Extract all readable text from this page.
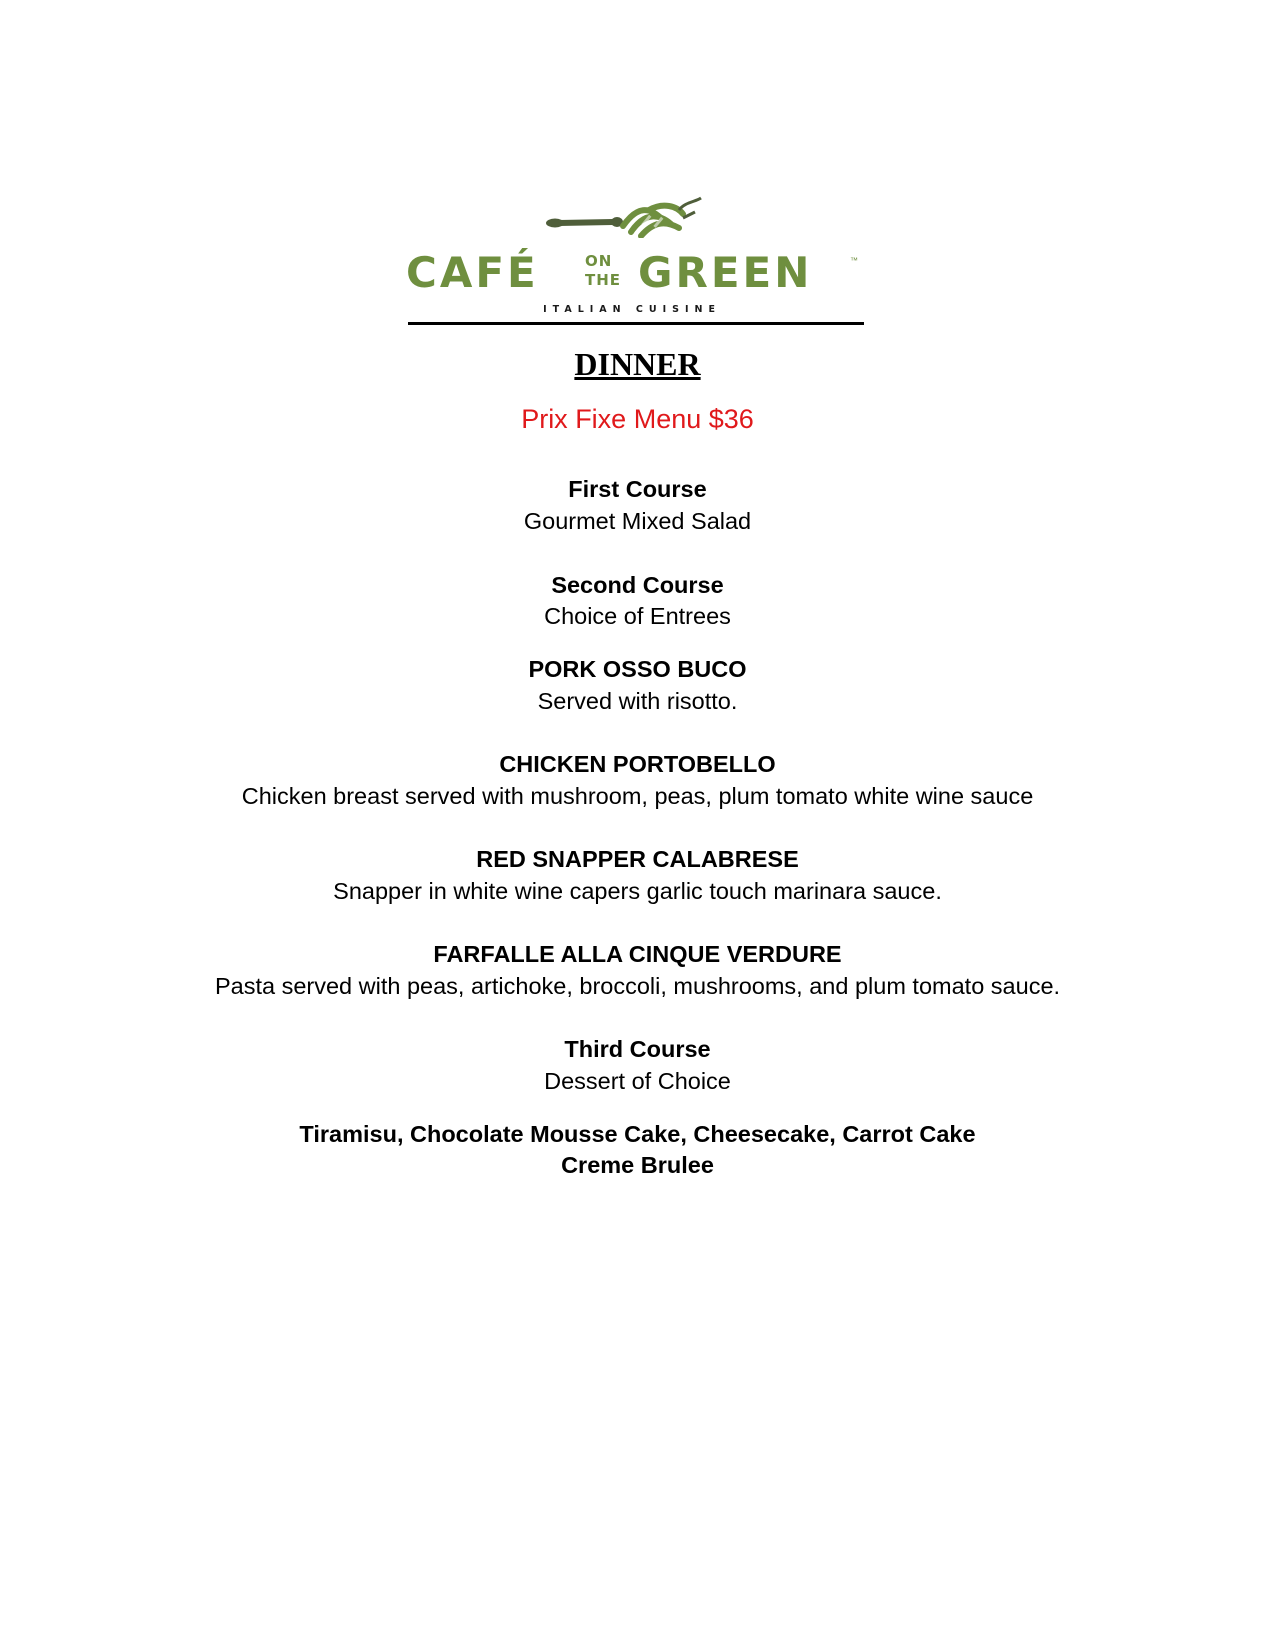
CAFÉ	ON
THE GREEN	™
ITALIAN CUISINE
DINNER
Prix Fixe Menu $36
First Course
Gourmet Mixed Salad
Second Course
Choice of Entrees
PORK OSSO BUCO
Served with risotto.
CHICKEN PORTOBELLO
Chicken breast served with mushroom, peas, plum tomato white wine sauce
RED SNAPPER CALABRESE
Snapper in white wine capers garlic touch marinara sauce.
FARFALLE ALLA CINQUE VERDURE
Pasta served with peas, artichoke, broccoli, mushrooms, and plum tomato sauce.
Third Course
Dessert of Choice
Tiramisu, Chocolate Mousse Cake, Cheesecake, Carrot Cake
Creme Brulee
